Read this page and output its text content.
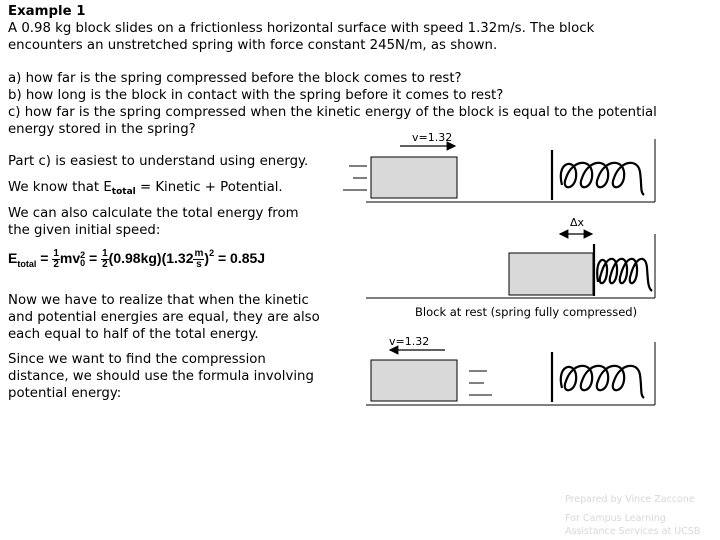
Example 1
A 0.98 kg block slides on a frictionless horizontal surface with speed 1.32m/s. The block
encounters an unstretched spring with force constant 245N/m, as shown.
a) how far is the spring compressed before the block comes to rest?
b) how long is the block in contact with the spring before it comes to rest?
c) how far is the spring compressed when the kinetic energy of the block is equal to the potential
energy stored in the spring?
Part c) is easiest to understand using energy.
We know that $E_{total}$ = Kinetic + Potential.
We can also calculate the total energy from
the given initial speed:
$E_{total} = \frac{1}{2}$ mv 2
$0 = \frac{1}{2} (0.98kg)(1.32 \frac{m}{s} )^2 = 0.85J$
Now we have to realize that when the kinetic
and potential energies are equal, they are also
each equal to half of the total energy.
Since we want to find the compression
distance, we should use the formula involving
potential energy:
v=1.32
Δx
Block at rest (spring fully compressed)
v=1.32
Prepared by Vince Zaccone
For Campus Learning
Assistance Services at UCSB
